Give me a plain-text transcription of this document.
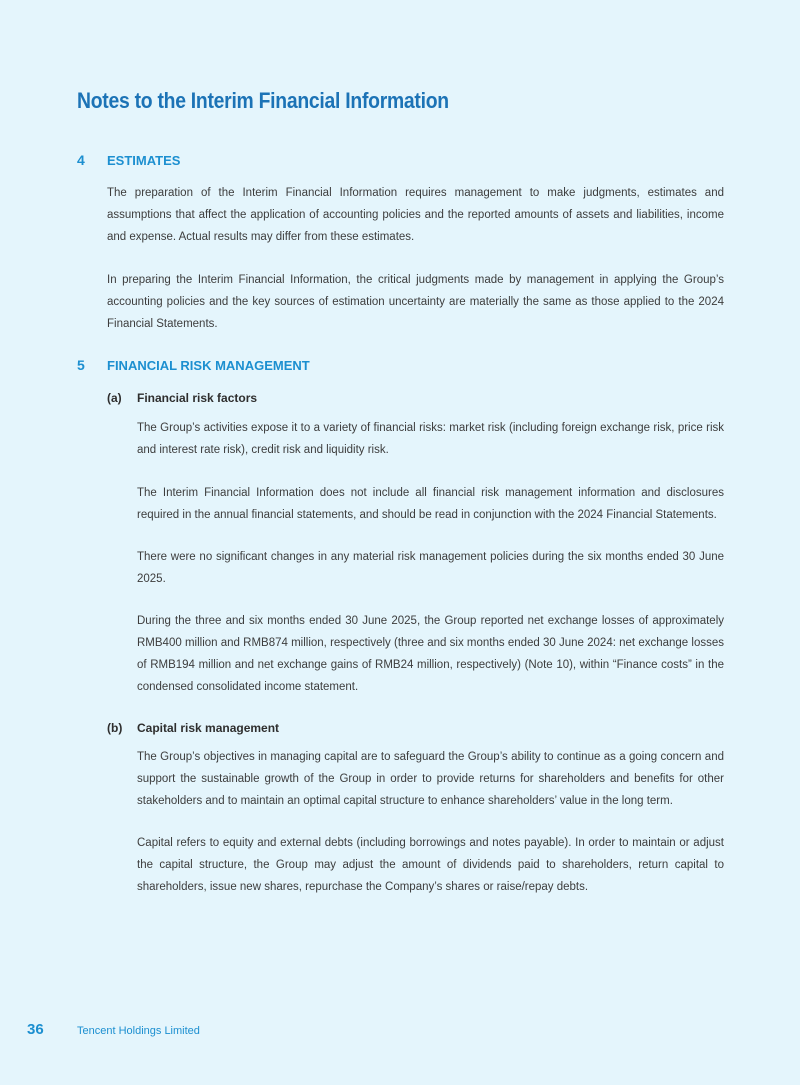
Notes to the Interim Financial Information
4 ESTIMATES

The preparation of the Interim Financial Information requires management to make judgments, estimates and assumptions that affect the application of accounting policies and the reported amounts of assets and liabilities, income and expense. Actual results may differ from these estimates.

In preparing the Interim Financial Information, the critical judgments made by management in applying the Group’s accounting policies and the key sources of estimation uncertainty are materially the same as those applied to the 2024 Financial Statements.

5 FINANCIAL RISK MANAGEMENT
(a) Financial risk factors

The Group’s activities expose it to a variety of financial risks: market risk (including foreign exchange risk, price risk and interest rate risk), credit risk and liquidity risk.

The Interim Financial Information does not include all financial risk management information and disclosures required in the annual financial statements, and should be read in conjunction with the 2024 Financial Statements.

There were no significant changes in any material risk management policies during the six months ended 30 June 2025.

During the three and six months ended 30 June 2025, the Group reported net exchange losses of approximately RMB400 million and RMB874 million, respectively (three and six months ended 30 June 2024: net exchange losses of RMB194 million and net exchange gains of RMB24 million, respectively) (Note 10), within “Finance costs” in the condensed consolidated income statement.

(b) Capital risk management

The Group’s objectives in managing capital are to safeguard the Group’s ability to continue as a going concern and support the sustainable growth of the Group in order to provide returns for shareholders and benefits for other stakeholders and to maintain an optimal capital structure to enhance shareholders’ value in the long term.

Capital refers to equity and external debts (including borrowings and notes payable). In order to maintain or adjust the capital structure, the Group may adjust the amount of dividends paid to shareholders, return capital to shareholders, issue new shares, repurchase the Company’s shares or raise/repay debts.

36	Tencent Holdings Limited
